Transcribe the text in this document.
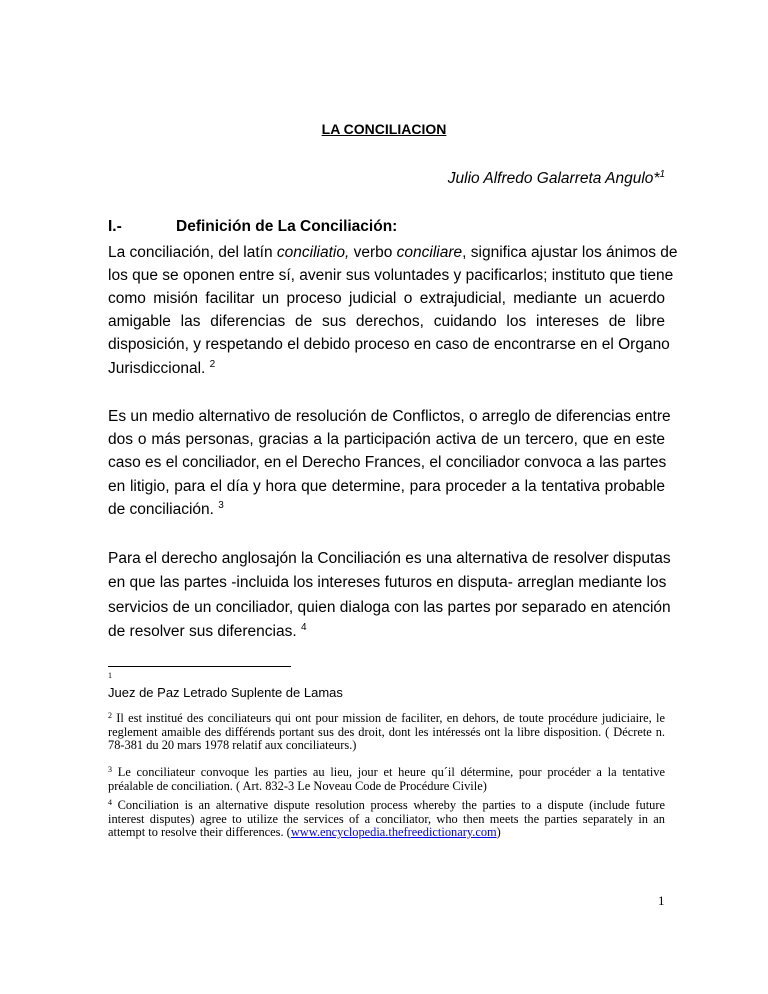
LA CONCILIACION
Julio Alfredo Galarreta Angulo*$^1$
I.-	Definición de La Conciliación:
La conciliación, del latín conciliatio, verbo conciliare, significa ajustar los ánimos de
los que se oponen entre sí, avenir sus voluntades y pacificarlos; instituto que tiene
como misión facilitar un proceso judicial o extrajudicial, mediante un acuerdo
amigable las diferencias de sus derechos, cuidando los intereses de libre
disposición, y respetando el debido proceso en caso de encontrarse en el Organo
Jurisdiccional. $^2$
Es un medio alternativo de resolución de Conflictos, o arreglo de diferencias entre
dos o más personas, gracias a la participación activa de un tercero, que en este
caso es el conciliador, en el Derecho Frances, el conciliador convoca a las partes
en litigio, para el día y hora que determine, para proceder a la tentativa probable
de conciliación. $^3$
Para el derecho anglosajón la Conciliación es una alternativa de resolver disputas
en que las partes -incluida los intereses futuros en disputa- arreglan mediante los
servicios de un conciliador, quien dialoga con las partes por separado en atención
de resolver sus diferencias. $^4$
1
Juez de Paz Letrado Suplente de Lamas
$^2$ Il est institué des conciliateurs qui ont pour mission de faciliter, en dehors, de toute procédure judiciaire, le reglement amaible des différends portant sus des droit, dont les intéressés ont la libre disposition. ( Décrete n. 78-381 du 20 mars 1978 relatif aux conciliateurs.)
$^3$ Le conciliateur convoque les parties au lieu, jour et heure qu´il détermine, pour procéder a la tentative préalable de conciliation. ( Art. 832-3 Le Noveau Code de Procédure Civile)
$^4$ Conciliation is an alternative dispute resolution process whereby the parties to a dispute (include future interest disputes) agree to utilize the services of a conciliator, who then meets the parties separately in an attempt to resolve their differences. (www.encyclopedia.thefreedictionary.com)
1
